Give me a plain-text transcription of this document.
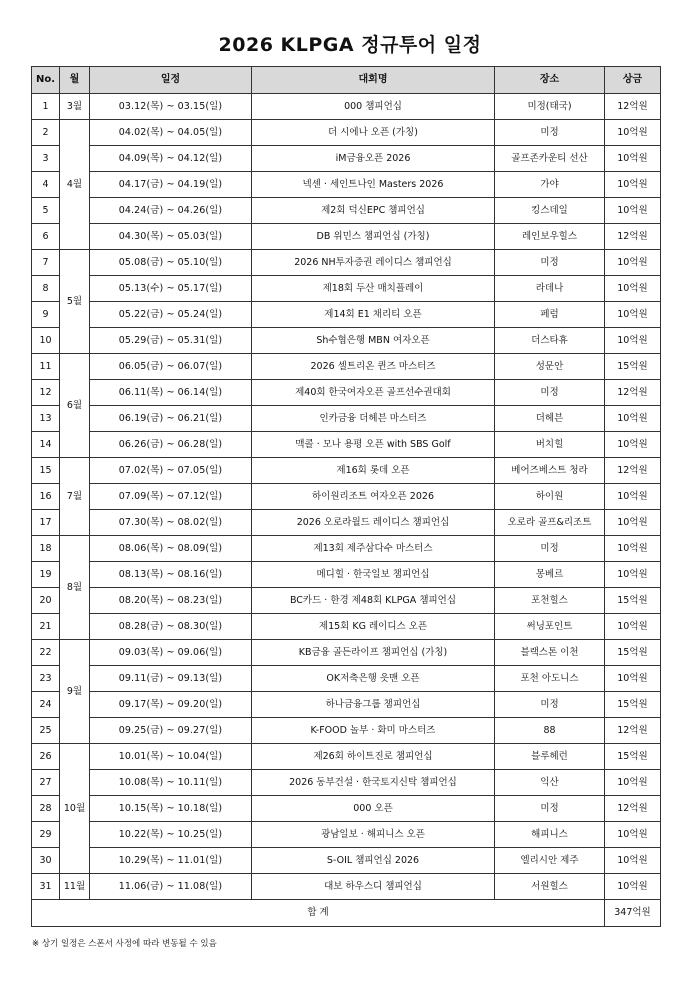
2026 KLPGA 정규투어 일정
No.	월	일정	대회명	장소	상금
1	3월	03.12(목) ~ 03.15(일)	000 챔피언십	미정(태국)	12억원
2	4월	04.02(목) ~ 04.05(일)	더 시에나 오픈 (가칭)	미정	10억원
3		04.09(목) ~ 04.12(일)	iM금융오픈 2026	골프존카운티 선산	10억원
4		04.17(금) ~ 04.19(일)	넥센 · 세인트나인 Masters 2026	가야	10억원
5		04.24(금) ~ 04.26(일)	제2회 덕신EPC 챔피언십	킹스데일	10억원
6		04.30(목) ~ 05.03(일)	DB 위민스 챔피언십 (가칭)	레인보우힐스	12억원
7	5월	05.08(금) ~ 05.10(일)	2026 NH투자증권 레이디스 챔피언십	미정	10억원
8		05.13(수) ~ 05.17(일)	제18회 두산 매치플레이	라데나	10억원
9		05.22(금) ~ 05.24(일)	제14회 E1 채리티 오픈	페럼	10억원
10		05.29(금) ~ 05.31(일)	Sh수협은행 MBN 여자오픈	더스타휴	10억원
11	6월	06.05(금) ~ 06.07(일)	2026 셀트리온 퀸즈 마스터즈	성문안	15억원
12		06.11(목) ~ 06.14(일)	제40회 한국여자오픈 골프선수권대회	미정	12억원
13		06.19(금) ~ 06.21(일)	인카금융 더헤븐 마스터즈	더헤븐	10억원
14		06.26(금) ~ 06.28(일)	맥콜 · 모나 용평 오픈 with SBS Golf	버치힐	10억원
15	7월	07.02(목) ~ 07.05(일)	제16회 롯데 오픈	베어즈베스트 청라	12억원
16		07.09(목) ~ 07.12(일)	하이원리조트 여자오픈 2026	하이원	10억원
17		07.30(목) ~ 08.02(일)	2026 오로라월드 레이디스 챔피언십	오로라 골프&리조트	10억원
18	8월	08.06(목) ~ 08.09(일)	제13회 제주삼다수 마스터스	미정	10억원
19		08.13(목) ~ 08.16(일)	메디힐 · 한국일보 챔피언십	몽베르	10억원
20		08.20(목) ~ 08.23(일)	BC카드 · 한경 제48회 KLPGA 챔피언십	포천힐스	15억원
21		08.28(금) ~ 08.30(일)	제15회 KG 레이디스 오픈	써닝포인트	10억원
22	9월	09.03(목) ~ 09.06(일)	KB금융 골든라이프 챔피언십 (가칭)	블랙스톤 이천	15억원
23		09.11(금) ~ 09.13(일)	OK저축은행 읏맨 오픈	포천 아도니스	10억원
24		09.17(목) ~ 09.20(일)	하나금융그룹 챔피언십	미정	15억원
25		09.25(금) ~ 09.27(일)	K-FOOD 놀부 · 화미 마스터즈	88	12억원
26	10월	10.01(목) ~ 10.04(일)	제26회 하이트진로 챔피언십	블루헤런	15억원
27		10.08(목) ~ 10.11(일)	2026 동부건설 · 한국토지신탁 챔피언십	익산	10억원
28		10.15(목) ~ 10.18(일)	000 오픈	미정	12억원
29		10.22(목) ~ 10.25(일)	광남일보 · 해피니스 오픈	해피니스	10억원
30		10.29(목) ~ 11.01(일)	S-OIL 챔피언십 2026	엘리시안 제주	10억원
31	11월	11.06(금) ~ 11.08(일)	대보 하우스디 챔피언십	서원힐스	10억원
합 계					347억원
※ 상기 일정은 스폰서 사정에 따라 변동될 수 있음
